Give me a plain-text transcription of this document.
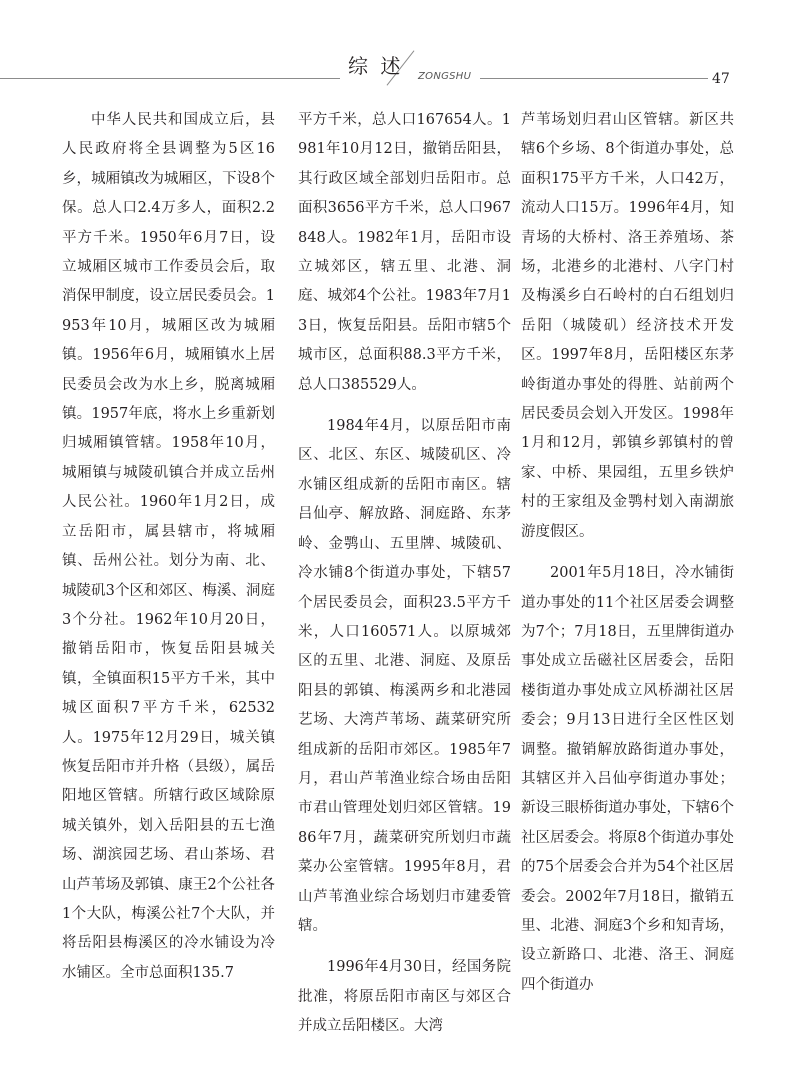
综 述	ZONGSHU	47

中华人民共和国成立后，县人民政府将全县调整为5区16乡，城厢镇改为城厢区，下设8个保。总人口2.4万多人，面积2.2平方千米。1950年6月7日，设立城厢区城市工作委员会后，取消保甲制度，设立居民委员会。1953年10月，城厢区改为城厢镇。1956年6月，城厢镇水上居民委员会改为水上乡，脱离城厢镇。1957年底，将水上乡重新划归城厢镇管辖。1958年10月，城厢镇与城陵矶镇合并成立岳州人民公社。1960年1月2日，成立岳阳市，属县辖市，将城厢镇、岳州公社。划分为南、北、城陵矶3个区和郊区、梅溪、洞庭3个分社。1962年10月20日，撤销岳阳市，恢复岳阳县城关镇，全镇面积15平方千米，其中城区面积7平方千米，62532人。1975年12月29日，城关镇恢复岳阳市并升格（县级），属岳阳地区管辖。所辖行政区域除原城关镇外，划入岳阳县的五七渔场、湖滨园艺场、君山茶场、君山芦苇场及郭镇、康王2个公社各1个大队，梅溪公社7个大队，并将岳阳县梅溪区的冷水铺设为冷水铺区。全市总面积135.7

平方千米，总人口167654人。1981年10月12日，撤销岳阳县，其行政区域全部划归岳阳市。总面积3656平方千米，总人口967848人。1982年1月，岳阳市设立城郊区，辖五里、北港、洞庭、城郊4个公社。1983年7月13日，恢复岳阳县。岳阳市辖5个城市区，总面积88.3平方千米，总人口385529人。

1984年4月，以原岳阳市南区、北区、东区、城陵矶区、冷水铺区组成新的岳阳市南区。辖吕仙亭、解放路、洞庭路、东茅岭、金鹗山、五里牌、城陵矶、冷水铺8个街道办事处，下辖57个居民委员会，面积23.5平方千米，人口160571人。以原城郊区的五里、北港、洞庭、及原岳阳县的郭镇、梅溪两乡和北港园艺场、大湾芦苇场、蔬菜研究所组成新的岳阳市郊区。1985年7月，君山芦苇渔业综合场由岳阳市君山管理处划归郊区管辖。1986年7月，蔬菜研究所划归市蔬菜办公室管辖。1995年8月，君山芦苇渔业综合场划归市建委管辖。

1996年4月30日，经国务院批准，将原岳阳市南区与郊区合并成立岳阳楼区。大湾

芦苇场划归君山区管辖。新区共辖6个乡场、8个街道办事处，总面积175平方千米，人口42万，流动人口15万。1996年4月，知青场的大桥村、洛王养殖场、茶场，北港乡的北港村、八字门村及梅溪乡白石岭村的白石组划归岳阳（城陵矶）经济技术开发区。1997年8月，岳阳楼区东茅岭街道办事处的得胜、站前两个居民委员会划入开发区。1998年1月和12月，郭镇乡郭镇村的曾家、中桥、果园组，五里乡铁炉村的王家组及金鹗村划入南湖旅游度假区。

2001年5月18日，冷水铺街道办事处的11个社区居委会调整为7个；7月18日，五里牌街道办事处成立岳磁社区居委会，岳阳楼街道办事处成立风桥湖社区居委会；9月13日进行全区性区划调整。撤销解放路街道办事处，其辖区并入吕仙亭街道办事处；新设三眼桥街道办事处，下辖6个社区居委会。将原8个街道办事处的75个居委会合并为54个社区居委会。2002年7月18日，撤销五里、北港、洞庭3个乡和知青场，设立新路口、北港、洛王、洞庭四个街道办
